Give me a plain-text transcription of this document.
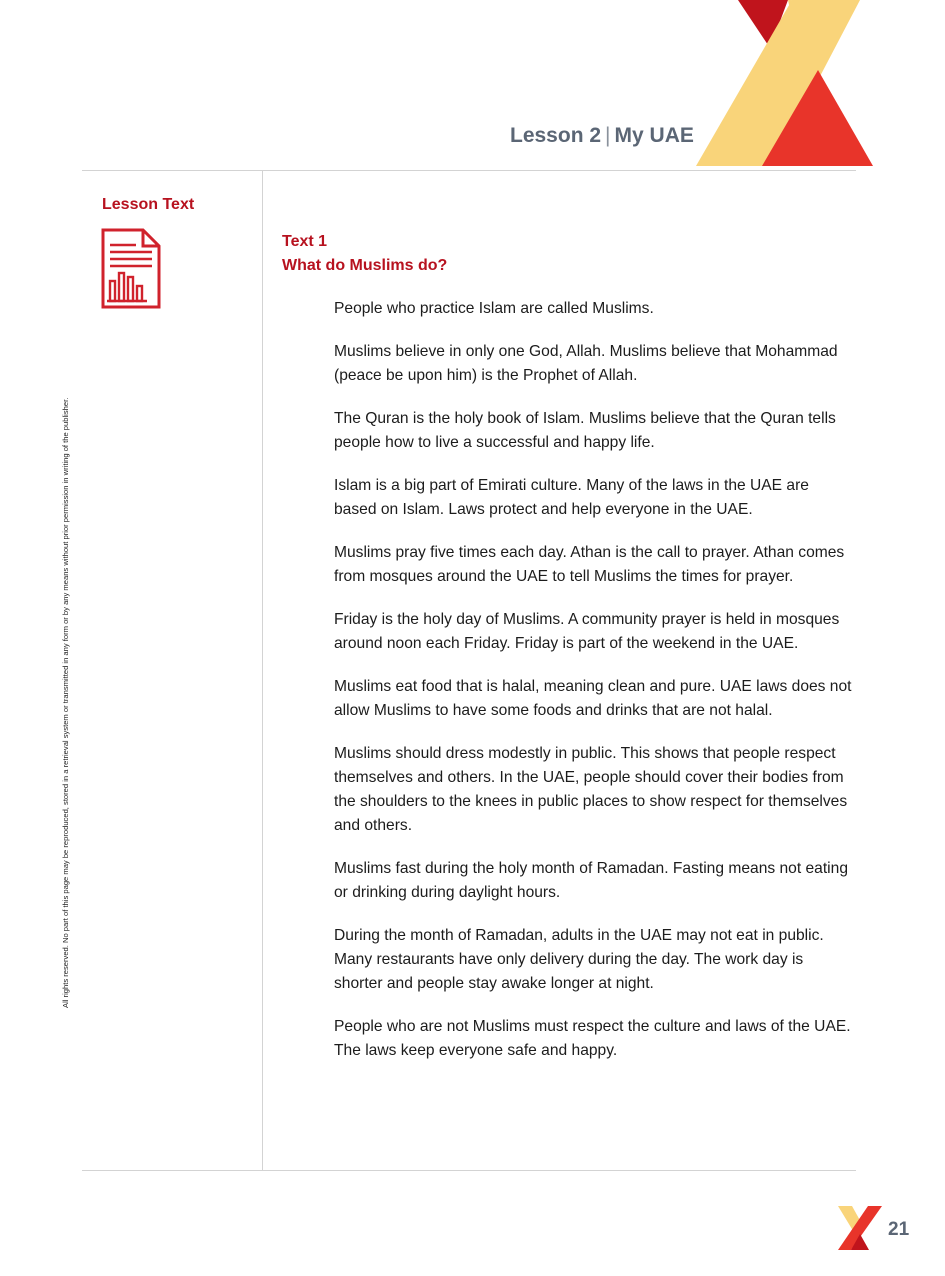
Lesson 2 | My UAE
Lesson Text
All rights reserved. No part of this page may be reproduced, stored in a retrieval system or transmitted in any form or by any means without prior permission in writing of the publisher.
Text 1
What do Muslims do?

People who practice Islam are called Muslims.

Muslims believe in only one God, Allah. Muslims believe that Mohammad (peace be upon him) is the Prophet of Allah.

The Quran is the holy book of Islam. Muslims believe that the Quran tells people how to live a successful and happy life.

Islam is a big part of Emirati culture. Many of the laws in the UAE are based on Islam. Laws protect and help everyone in the UAE.

Muslims pray five times each day. Athan is the call to prayer. Athan comes from mosques around the UAE to tell Muslims the times for prayer.

Friday is the holy day of Muslims. A community prayer is held in mosques around noon each Friday. Friday is part of the weekend in the UAE.

Muslims eat food that is halal, meaning clean and pure. UAE laws does not allow Muslims to have some foods and drinks that are not halal.

Muslims should dress modestly in public. This shows that people respect themselves and others. In the UAE, people should cover their bodies from the shoulders to the knees in public places to show respect for themselves and others.

Muslims fast during the holy month of Ramadan. Fasting means not eating or drinking during daylight hours.

During the month of Ramadan, adults in the UAE may not eat in public. Many restaurants have only delivery during the day. The work day is shorter and people stay awake longer at night.

People who are not Muslims must respect the culture and laws of the UAE. The laws keep everyone safe and happy.

21
